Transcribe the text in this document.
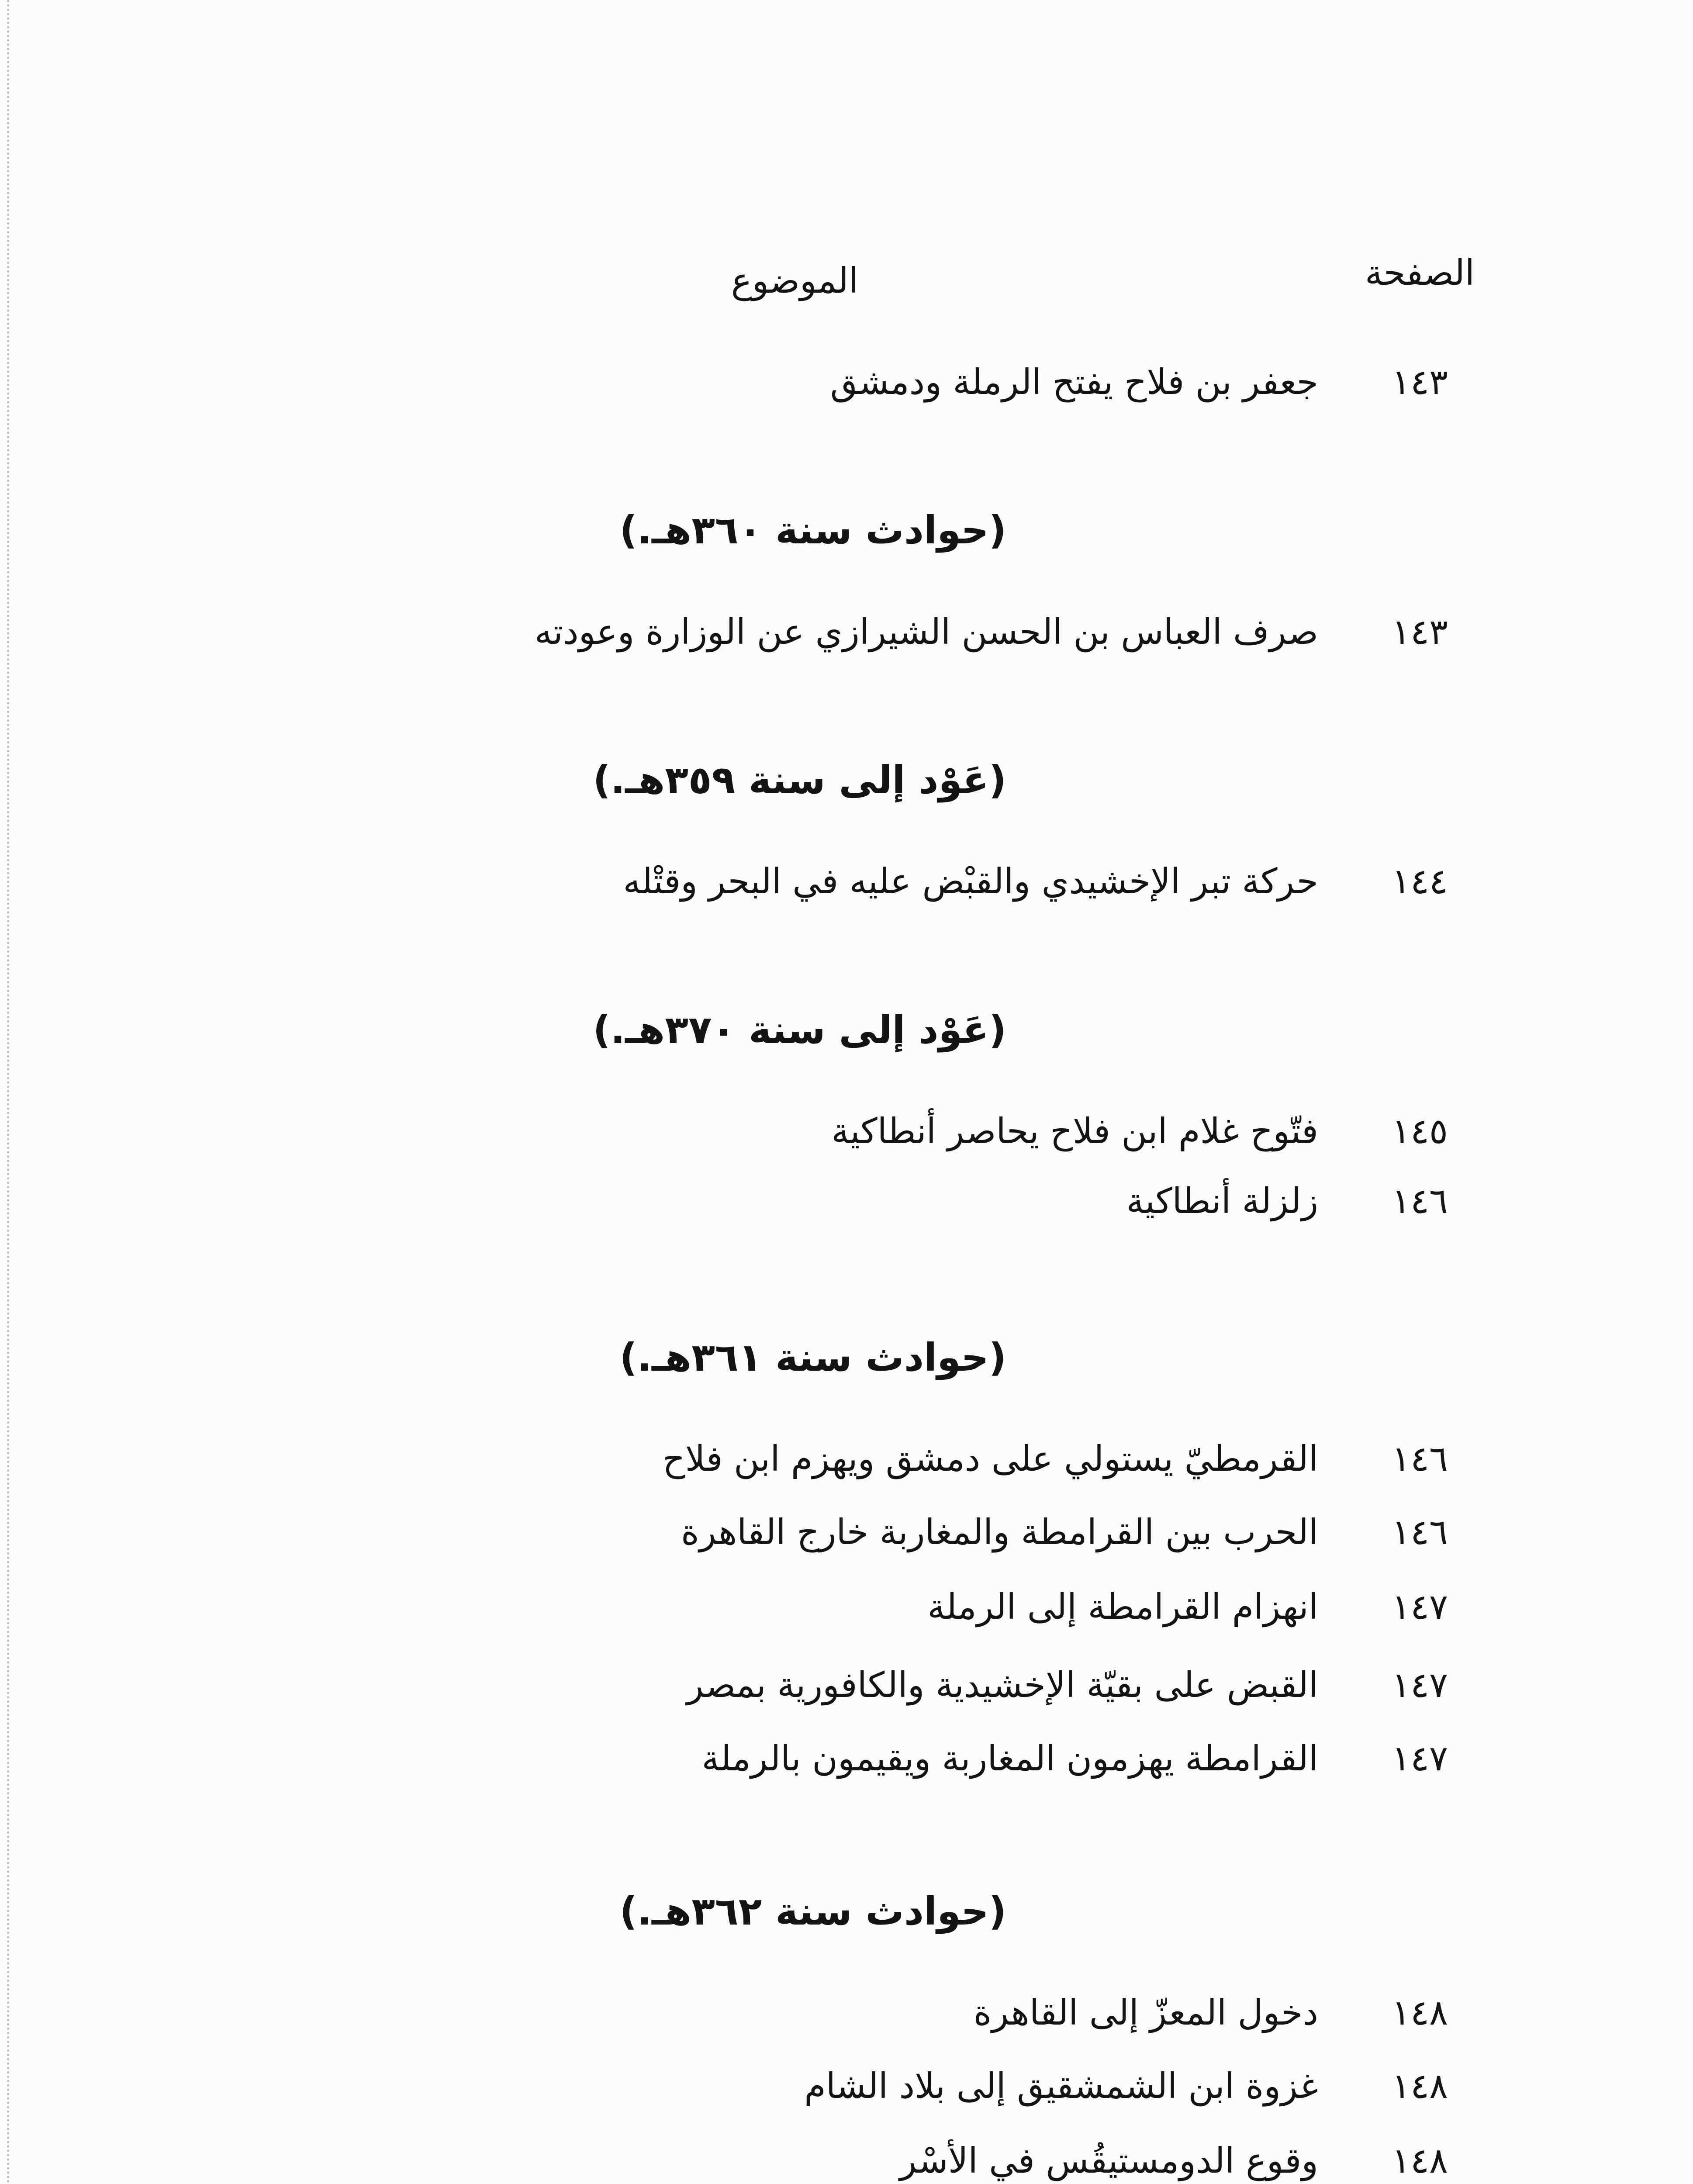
الصفحة
الموضوع
١٤٣
جعفر بن فلاح يفتح الرملة ودمشق
(حوادث سنة ٣٦٠هـ.)
١٤٣
صرف العباس بن الحسن الشيرازي عن الوزارة وعودته
(عَوْد إلى سنة ٣٥٩هـ.)
١٤٤
حركة تبر الإخشيدي والقبْض عليه في البحر وقتْله
(عَوْد إلى سنة ٣٧٠هـ.)
١٤٥
فتّوح غلام ابن فلاح يحاصر أنطاكية
١٤٦
زلزلة أنطاكية
(حوادث سنة ٣٦١هـ.)
١٤٦
القرمطيّ يستولي على دمشق ويهزم ابن فلاح
١٤٦
الحرب بين القرامطة والمغاربة خارج القاهرة
١٤٧
انهزام القرامطة إلى الرملة
١٤٧
القبض على بقيّة الإخشيدية والكافورية بمصر
١٤٧
القرامطة يهزمون المغاربة ويقيمون بالرملة
(حوادث سنة ٣٦٢هـ.)
١٤٨
دخول المعزّ إلى القاهرة
١٤٨
غزوة ابن الشمشقيق إلى بلاد الشام
١٤٨
وقوع الدومستيقُس في الأسْر
